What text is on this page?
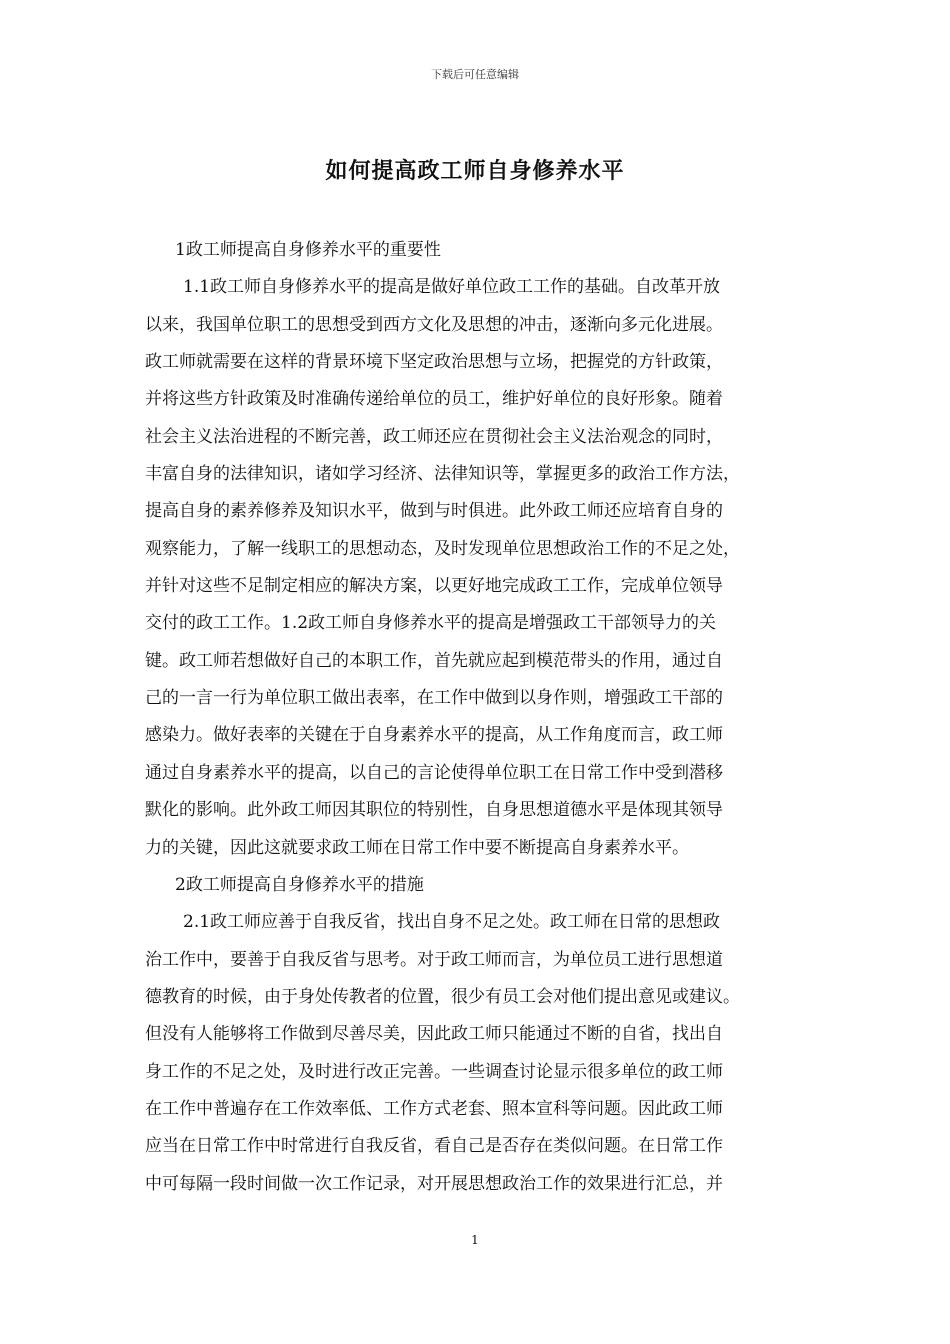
下载后可任意编辑
如何提高政工师自身修养水平
1政工师提高自身修养水平的重要性
1.1政工师自身修养水平的提高是做好单位政工工作的基础。自改革开放
以来，我国单位职工的思想受到西方文化及思想的冲击，逐渐向多元化进展。
政工师就需要在这样的背景环境下坚定政治思想与立场，把握党的方针政策，
并将这些方针政策及时准确传递给单位的员工，维护好单位的良好形象。随着
社会主义法治进程的不断完善，政工师还应在贯彻社会主义法治观念的同时，
丰富自身的法律知识，诸如学习经济、法律知识等，掌握更多的政治工作方法，
提高自身的素养修养及知识水平，做到与时俱进。此外政工师还应培育自身的
观察能力，了解一线职工的思想动态，及时发现单位思想政治工作的不足之处，
并针对这些不足制定相应的解决方案，以更好地完成政工工作，完成单位领导
交付的政工工作。1.2政工师自身修养水平的提高是增强政工干部领导力的关
键。政工师若想做好自己的本职工作，首先就应起到模范带头的作用，通过自
己的一言一行为单位职工做出表率，在工作中做到以身作则，增强政工干部的
感染力。做好表率的关键在于自身素养水平的提高，从工作角度而言，政工师
通过自身素养水平的提高，以自己的言论使得单位职工在日常工作中受到潜移
默化的影响。此外政工师因其职位的特别性，自身思想道德水平是体现其领导
力的关键，因此这就要求政工师在日常工作中要不断提高自身素养水平。
2政工师提高自身修养水平的措施
2.1政工师应善于自我反省，找出自身不足之处。政工师在日常的思想政
治工作中，要善于自我反省与思考。对于政工师而言，为单位员工进行思想道
德教育的时候，由于身处传教者的位置，很少有员工会对他们提出意见或建议。
但没有人能够将工作做到尽善尽美，因此政工师只能通过不断的自省，找出自
身工作的不足之处，及时进行改正完善。一些调查讨论显示很多单位的政工师
在工作中普遍存在工作效率低、工作方式老套、照本宣科等问题。因此政工师
应当在日常工作中时常进行自我反省，看自己是否存在类似问题。在日常工作
中可每隔一段时间做一次工作记录，对开展思想政治工作的效果进行汇总，并
1
